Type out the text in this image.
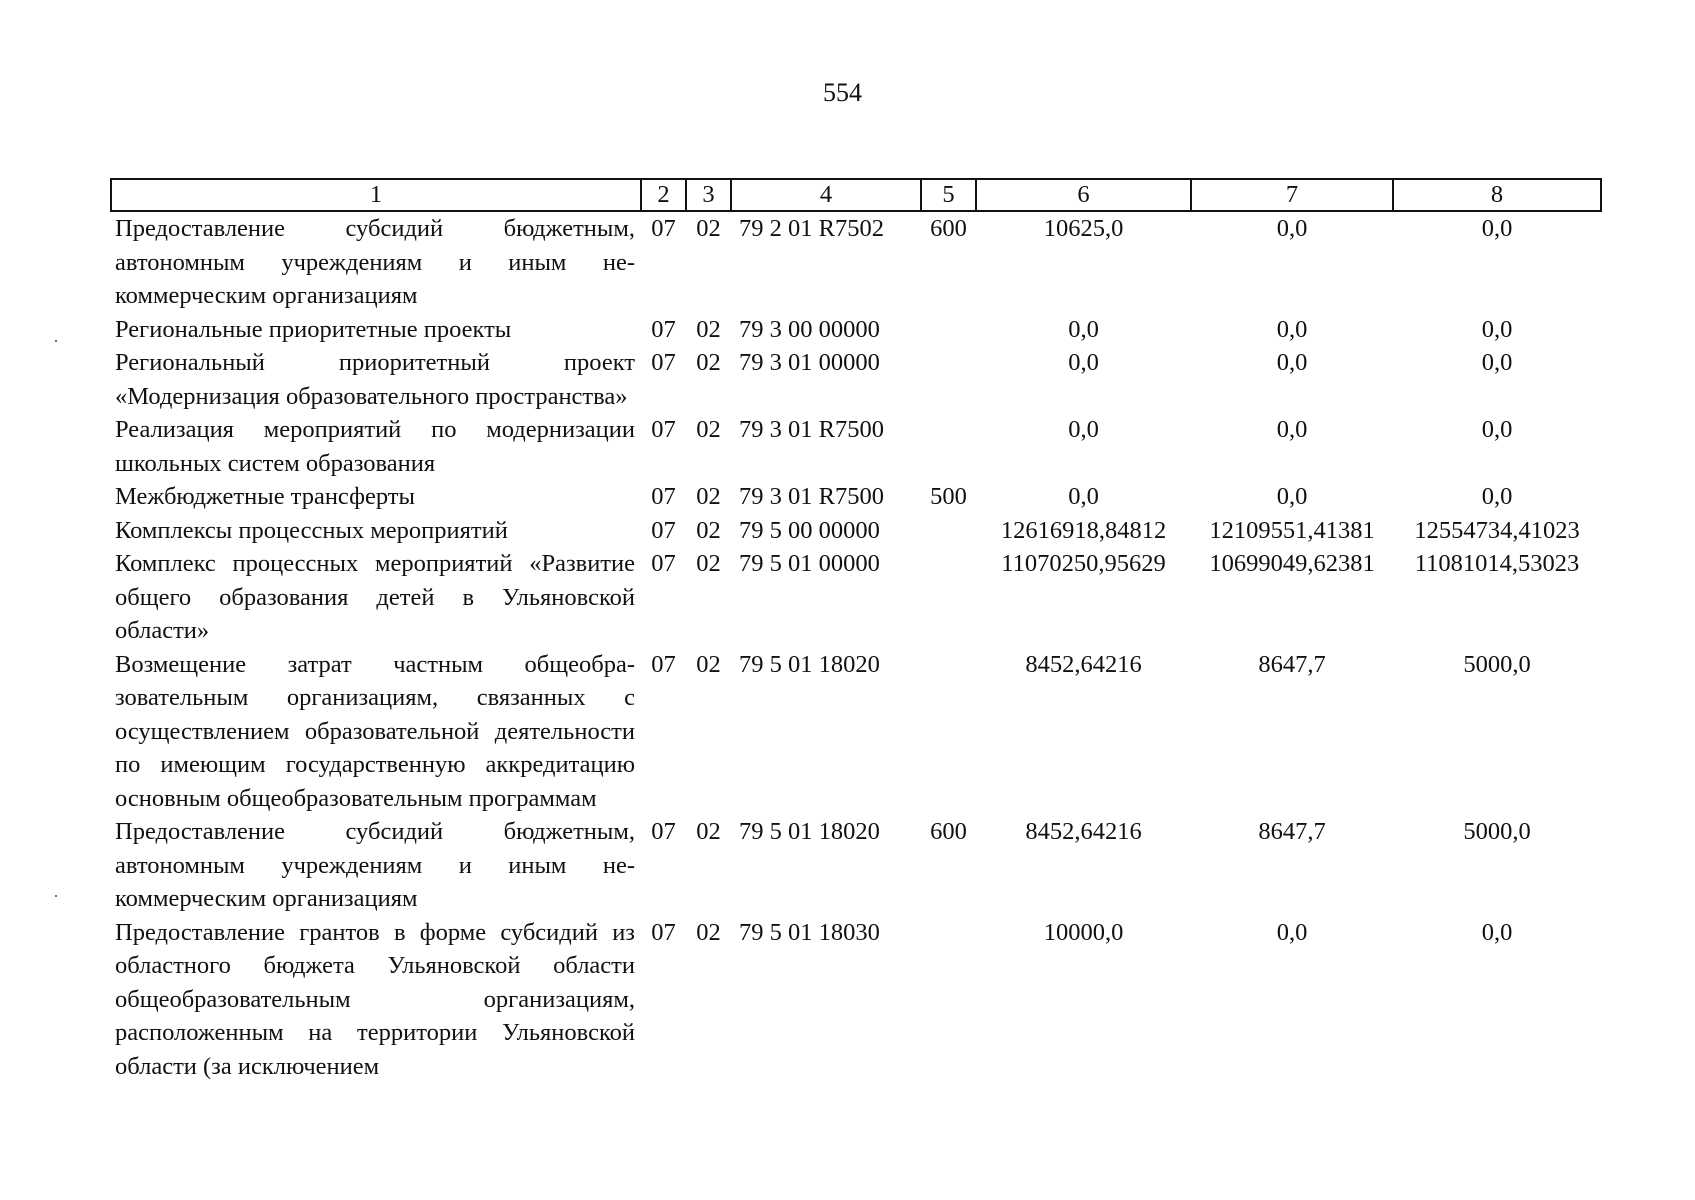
554
1	2	3	4	5	6	7	8
Предоставление субсидий бюджетным, автономным учреждениям и иным некоммерческим организациям	07	02	79 2 01 R7502	600	10625,0	0,0	0,0
Региональные приоритетные проекты	07	02	79 3 00 00000		0,0	0,0	0,0
Региональный приоритетный проект «Модернизация образовательного пространства»	07	02	79 3 01 00000		0,0	0,0	0,0
Реализация мероприятий по модернизации школьных систем образования	07	02	79 3 01 R7500		0,0	0,0	0,0
Межбюджетные трансферты	07	02	79 3 01 R7500	500	0,0	0,0	0,0
Комплексы процессных мероприятий	07	02	79 5 00 00000		12616918,84812	12109551,41381	12554734,41023
Комплекс процессных мероприятий «Развитие общего образования детей в Ульяновской области»	07	02	79 5 01 00000		11070250,95629	10699049,62381	11081014,53023
Возмещение затрат частным общеобразовательным организациям, связанных с осуществлением образовательной деятельности по имеющим государственную аккредитацию основным общеобразовательным программам	07	02	79 5 01 18020		8452,64216	8647,7	5000,0
Предоставление субсидий бюджетным, автономным учреждениям и иным некоммерческим организациям	07	02	79 5 01 18020	600	8452,64216	8647,7	5000,0
Предоставление грантов в форме субсидий из областного бюджета Ульяновской области общеобразовательным организациям, расположенным на территории Ульяновской области (за исключением	07	02	79 5 01 18030		10000,0	0,0	0,0
